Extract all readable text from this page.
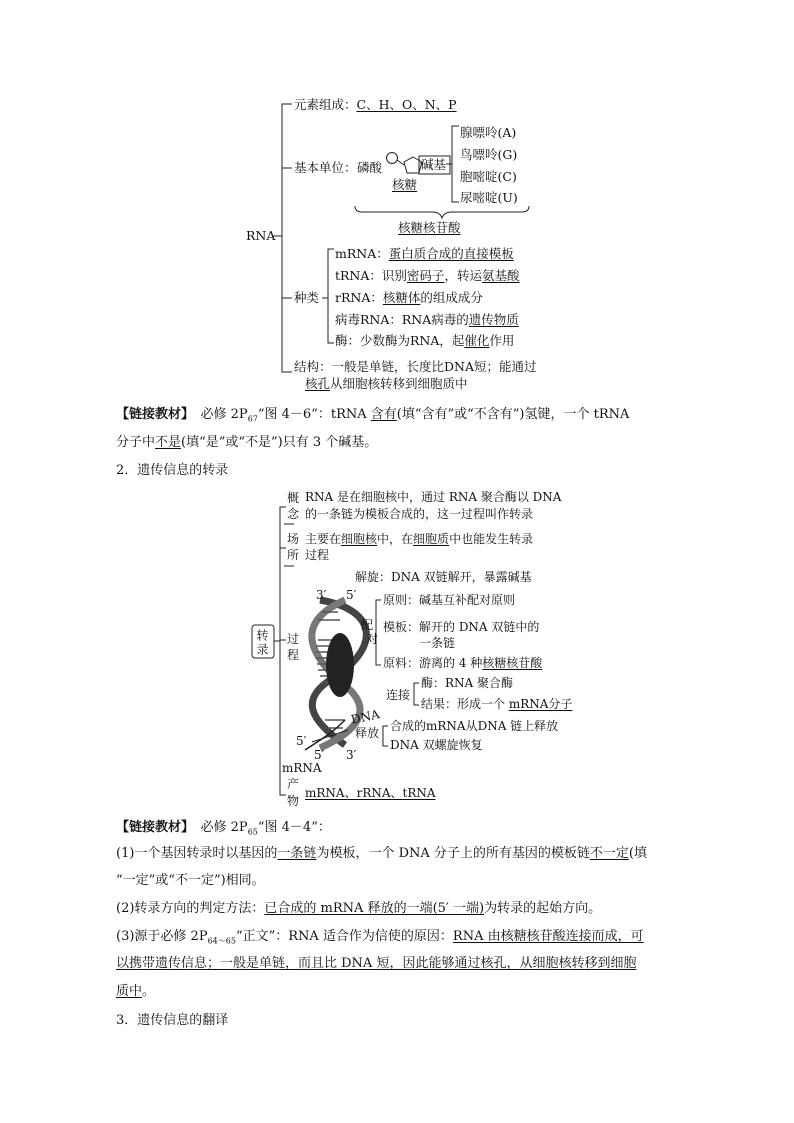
RNA
元素组成：C、H、O、N、P
基本单位： 磷酸
核糖
碱基
腺嘌呤(A)
鸟嘌呤(G)
胞嘧啶(C)
尿嘧啶(U)
核糖核苷酸
种类
mRNA：蛋白质合成的直接模板
tRNA：识别密码子，转运氨基酸
rRNA：核糖体的组成成分
病毒RNA：RNA病毒的遗传物质
酶：少数酶为RNA，起催化作用
结构：一般是单链，长度比DNA短；能通过
核孔从细胞核转移到细胞质中
【链接教材】　 必修 $2P_{67}“$图 4－6”：tRNA 含有(填“含有”或“不含有”)氢键，一个 tRNA
分子中不是(填“是”或“不是”)只有 3 个碱基。
2．遗传信息的转录
转录
概
念
RNA 是在细胞核中，通过 RNA 聚合酶以 DNA
的一条链为模板合成的，这一过程叫作转录
场
所
主要在细胞核中，在细胞质中也能发生转录
过程
过
程
解旋：DNA 双链解开，暴露碱基
3′ 5′
配
对
原则：碱基互补配对原则
模板：解开的 DNA 双链中的
一条链
原料：游离的 4 种核糖核苷酸
连接
酶：RNA 聚合酶
结果：形成一个 mRNA分子
DNA
释放 合成的mRNA从DNA 链上释放
DNA 双螺旋恢复
5′
5′ 3′
mRNA
产
物
mRNA、rRNA、tRNA
【链接教材】　 必修 $2P_{65}“$图 4－4”：
(1)一个基因转录时以基因的一条链为模板，一个 DNA 分子上的所有基因的模板链不一定(填
“一定”或“不一定”)相同。
(2)转录方向的判定方法：已合成的 mRNA 释放的一端(5′ 一端)为转录的起始方向。
(3)源于必修 $2P_{64\sim 65}“$正文”：RNA 适合作为信使的原因：RNA 由核糖核苷酸连接而成，可
以携带遗传信息；一般是单链，而且比 DNA 短，因此能够通过核孔，从细胞核转移到细胞
质中。
3．遗传信息的翻译
